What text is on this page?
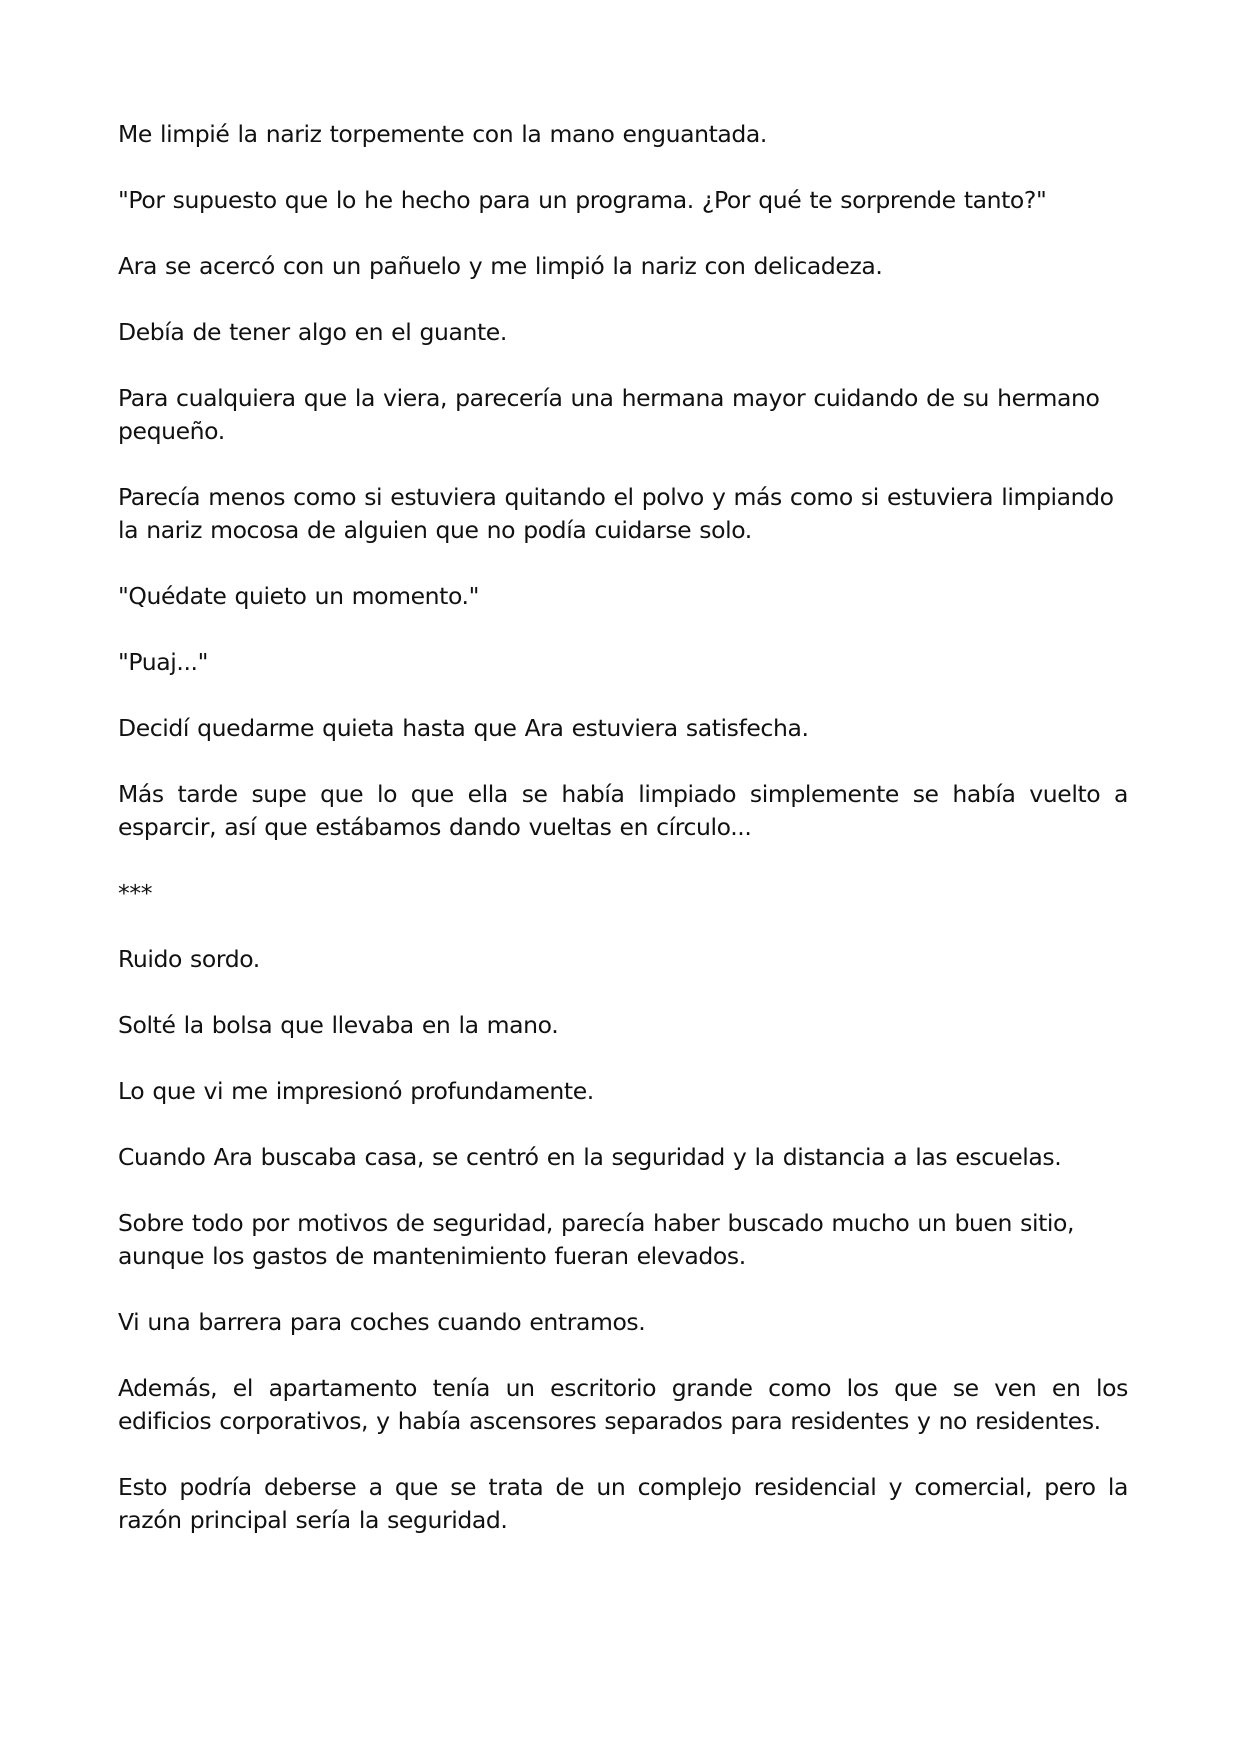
Me limpié la nariz torpemente con la mano enguantada.

"Por supuesto que lo he hecho para un programa. ¿Por qué te sorprende tanto?"

Ara se acercó con un pañuelo y me limpió la nariz con delicadeza.

Debía de tener algo en el guante.

Para cualquiera que la viera, parecería una hermana mayor cuidando de su hermano pequeño.

Parecía menos como si estuviera quitando el polvo y más como si estuviera limpiando la nariz mocosa de alguien que no podía cuidarse solo.

"Quédate quieto un momento."

"Puaj..."

Decidí quedarme quieta hasta que Ara estuviera satisfecha.

Más tarde supe que lo que ella se había limpiado simplemente se había vuelto a esparcir, así que estábamos dando vueltas en círculo...

***

Ruido sordo.

Solté la bolsa que llevaba en la mano.

Lo que vi me impresionó profundamente.

Cuando Ara buscaba casa, se centró en la seguridad y la distancia a las escuelas.

Sobre todo por motivos de seguridad, parecía haber buscado mucho un buen sitio, aunque los gastos de mantenimiento fueran elevados.

Vi una barrera para coches cuando entramos.

Además, el apartamento tenía un escritorio grande como los que se ven en los edificios corporativos, y había ascensores separados para residentes y no residentes.

Esto podría deberse a que se trata de un complejo residencial y comercial, pero la razón principal sería la seguridad.
